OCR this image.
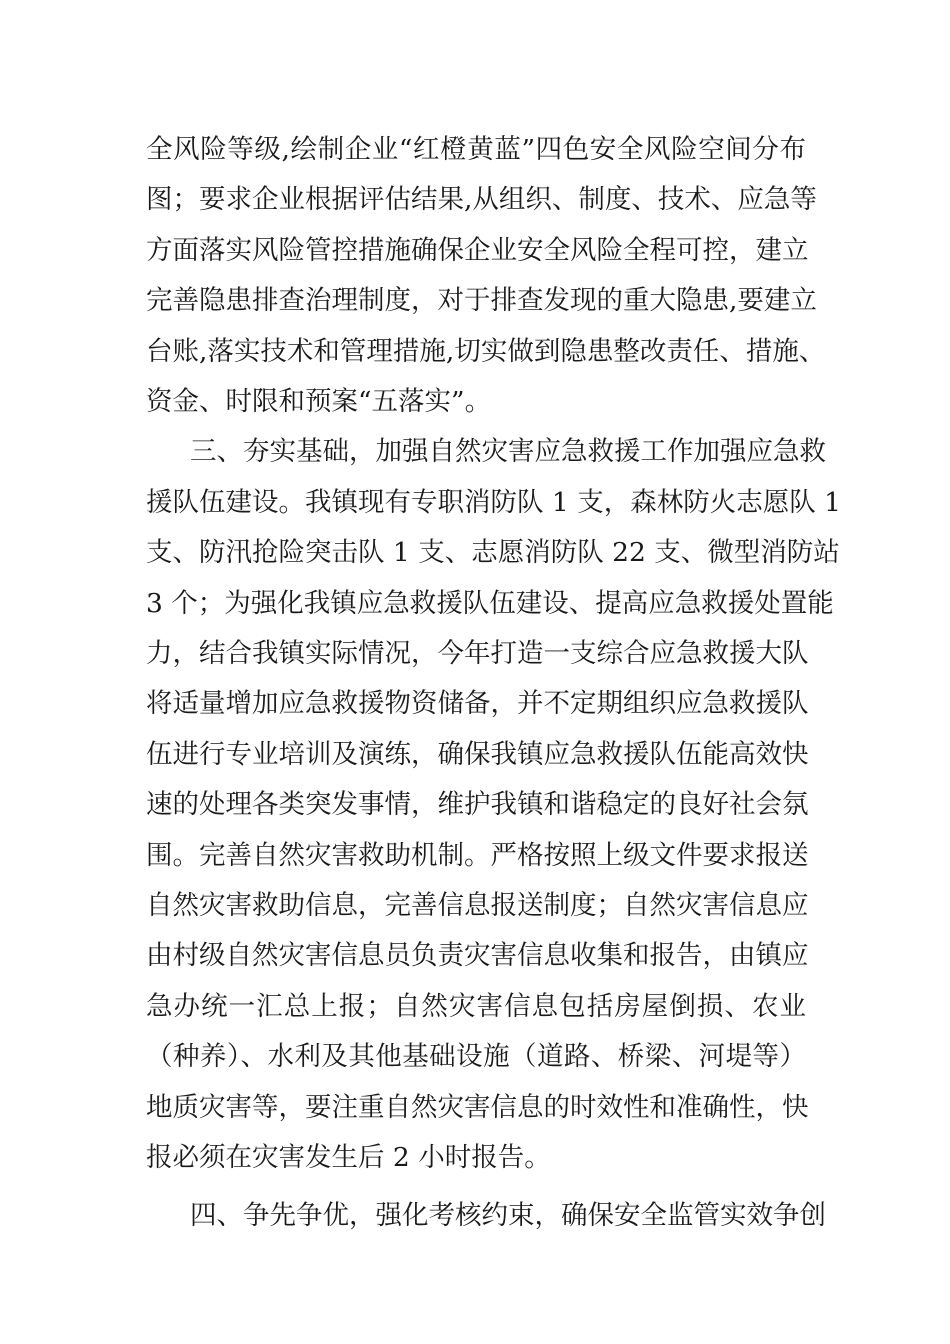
全风险等级,绘制企业“红橙黄蓝”四色安全风险空间分布
图；要求企业根据评估结果,从组织、制度、技术、应急等
方面落实风险管控措施确保企业安全风险全程可控，建立
完善隐患排查治理制度，对于排查发现的重大隐患,要建立
台账,落实技术和管理措施,切实做到隐患整改责任、措施、
资金、时限和预案“五落实”。
三、夯实基础，加强自然灾害应急救援工作加强应急救
援队伍建设。我镇现有专职消防队 1 支，森林防火志愿队 1
支、防汛抢险突击队 1 支、志愿消防队 22 支、微型消防站
3 个；为强化我镇应急救援队伍建设、提高应急救援处置能
力，结合我镇实际情况，今年打造一支综合应急救援大队
将适量增加应急救援物资储备，并不定期组织应急救援队
伍进行专业培训及演练，确保我镇应急救援队伍能高效快
速的处理各类突发事情，维护我镇和谐稳定的良好社会氛
围。完善自然灾害救助机制。严格按照上级文件要求报送
自然灾害救助信息，完善信息报送制度；自然灾害信息应
由村级自然灾害信息员负责灾害信息收集和报告，由镇应
急办统一汇总上报；自然灾害信息包括房屋倒损、农业
（种养）、水利及其他基础设施（道路、桥梁、河堤等）
地质灾害等，要注重自然灾害信息的时效性和准确性，快
报必须在灾害发生后 2 小时报告。
四、争先争优，强化考核约束，确保安全监管实效争创
